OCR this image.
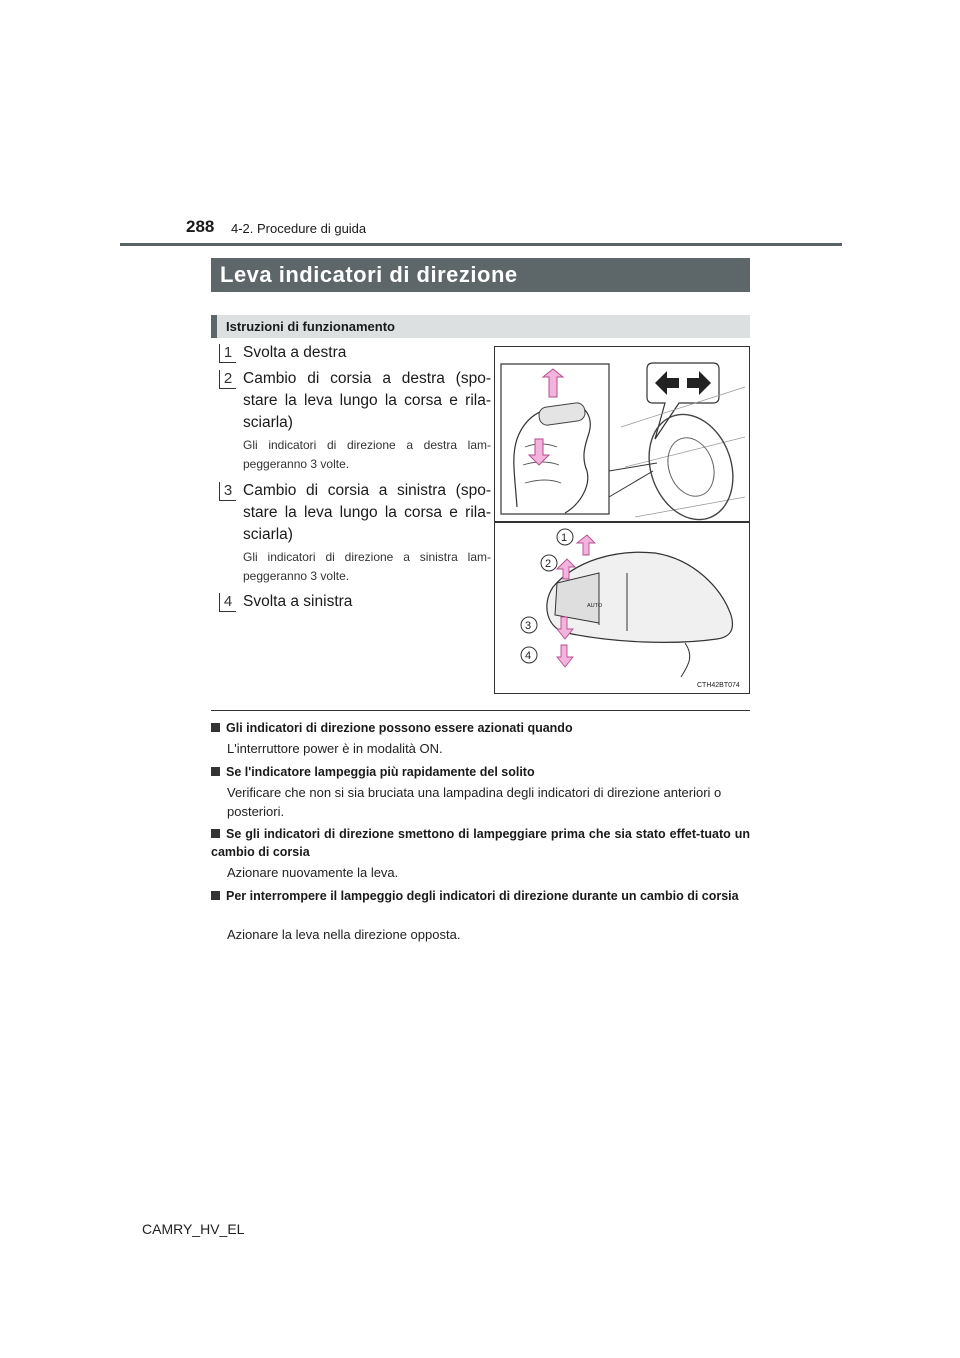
288 4-2. Procedure di guida
Leva indicatori di direzione
Istruzioni di funzionamento
1 Svolta a destra
2 Cambio di corsia a destra (spo-stare la leva lungo la corsa e rila-sciarla)
Gli indicatori di direzione a destra lam-peggeranno 3 volte.
3 Cambio di corsia a sinistra (spo-stare la leva lungo la corsa e rila-sciarla)
Gli indicatori di direzione a sinistra lam-peggeranno 3 volte.
4 Svolta a sinistra	AUTO
1
2
3
4
CTH42BT074
Gli indicatori di direzione possono essere azionati quando
L'interruttore power è in modalità ON.
Se l'indicatore lampeggia più rapidamente del solito
Verificare che non si sia bruciata una lampadina degli indicatori di direzione anteriori o posteriori.
Se gli indicatori di direzione smettono di lampeggiare prima che sia stato effet-tuato un cambio di corsia
Azionare nuovamente la leva.
Per interrompere il lampeggio degli indicatori di direzione durante un cambio di corsia
Azionare la leva nella direzione opposta.
CAMRY_HV_EL
